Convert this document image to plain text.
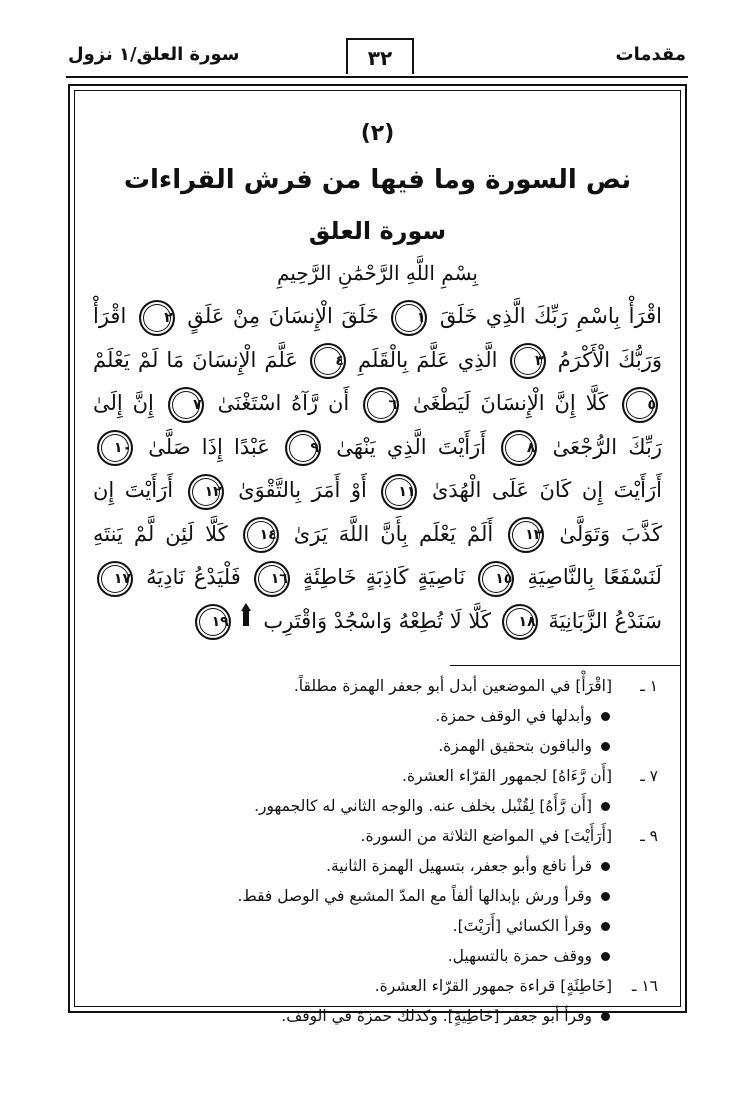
مقدمات
٣٢
سورة العلق/١ نزول
(٢)
نص السورة وما فيها من فرش القراءات
سورة العلق
بِسْمِ اللَّهِ الرَّحْمَٰنِ الرَّحِيمِ
اقْرَأْ بِاسْمِ رَبِّكَ الَّذِي خَلَقَ ١ خَلَقَ الْإِنسَانَ مِنْ عَلَقٍ ٢ اقْرَأْ وَرَبُّكَ الْأَكْرَمُ ٣ الَّذِي عَلَّمَ بِالْقَلَمِ ٤ عَلَّمَ الْإِنسَانَ مَا لَمْ يَعْلَمْ ٥ كَلَّا إِنَّ الْإِنسَانَ لَيَطْغَىٰ ٦ أَن رَّآهُ اسْتَغْنَىٰ ٧ إِنَّ إِلَىٰ رَبِّكَ الرُّجْعَىٰ ٨ أَرَأَيْتَ الَّذِي يَنْهَىٰ ٩ عَبْدًا إِذَا صَلَّىٰ ١٠ أَرَأَيْتَ إِن كَانَ عَلَى الْهُدَىٰ ١١ أَوْ أَمَرَ بِالتَّقْوَىٰ ١٢ أَرَأَيْتَ إِن كَذَّبَ وَتَوَلَّىٰ ١٣ أَلَمْ يَعْلَم بِأَنَّ اللَّهَ يَرَىٰ ١٤ كَلَّا لَئِن لَّمْ يَنتَهِ لَنَسْفَعًا بِالنَّاصِيَةِ ١٥ نَاصِيَةٍ كَاذِبَةٍ خَاطِئَةٍ ١٦ فَلْيَدْعُ نَادِيَهُ ١٧ سَنَدْعُ الزَّبَانِيَةَ ١٨ كَلَّا لَا تُطِعْهُ وَاسْجُدْ وَاقْتَرِب ١٩
١ ـ
[اقْرَأْ] في الموضعين أبدل أبو جعفر الهمزة مطلقاً.
وأبدلها في الوقف حمزة.
والباقون بتحقيق الهمزة.
٧ ـ
[أَن رَّءَاهُ] لجمهور القرّاء العشرة.
[أَن رَّأَهُ] لِقُنْبل بخلف عنه. والوجه الثاني له كالجمهور.
٩ ـ
[أَرَأَيْتَ] في المواضع الثلاثة من السورة.
قرأ نافع وأبو جعفر، بتسهيل الهمزة الثانية.
وقرأ ورش بإبدالها ألفاً مع المدّ المشبع في الوصل فقط.
وقرأ الكسائي [أَرَيْتَ].
ووقف حمزة بالتسهيل.
١٦ ـ
[خَاطِئَةٍ] قراءة جمهور القرّاء العشرة.
وقرأ أبو جعفر [خَاطِيَةٍ]. وكذلك حمزة في الوقف.
